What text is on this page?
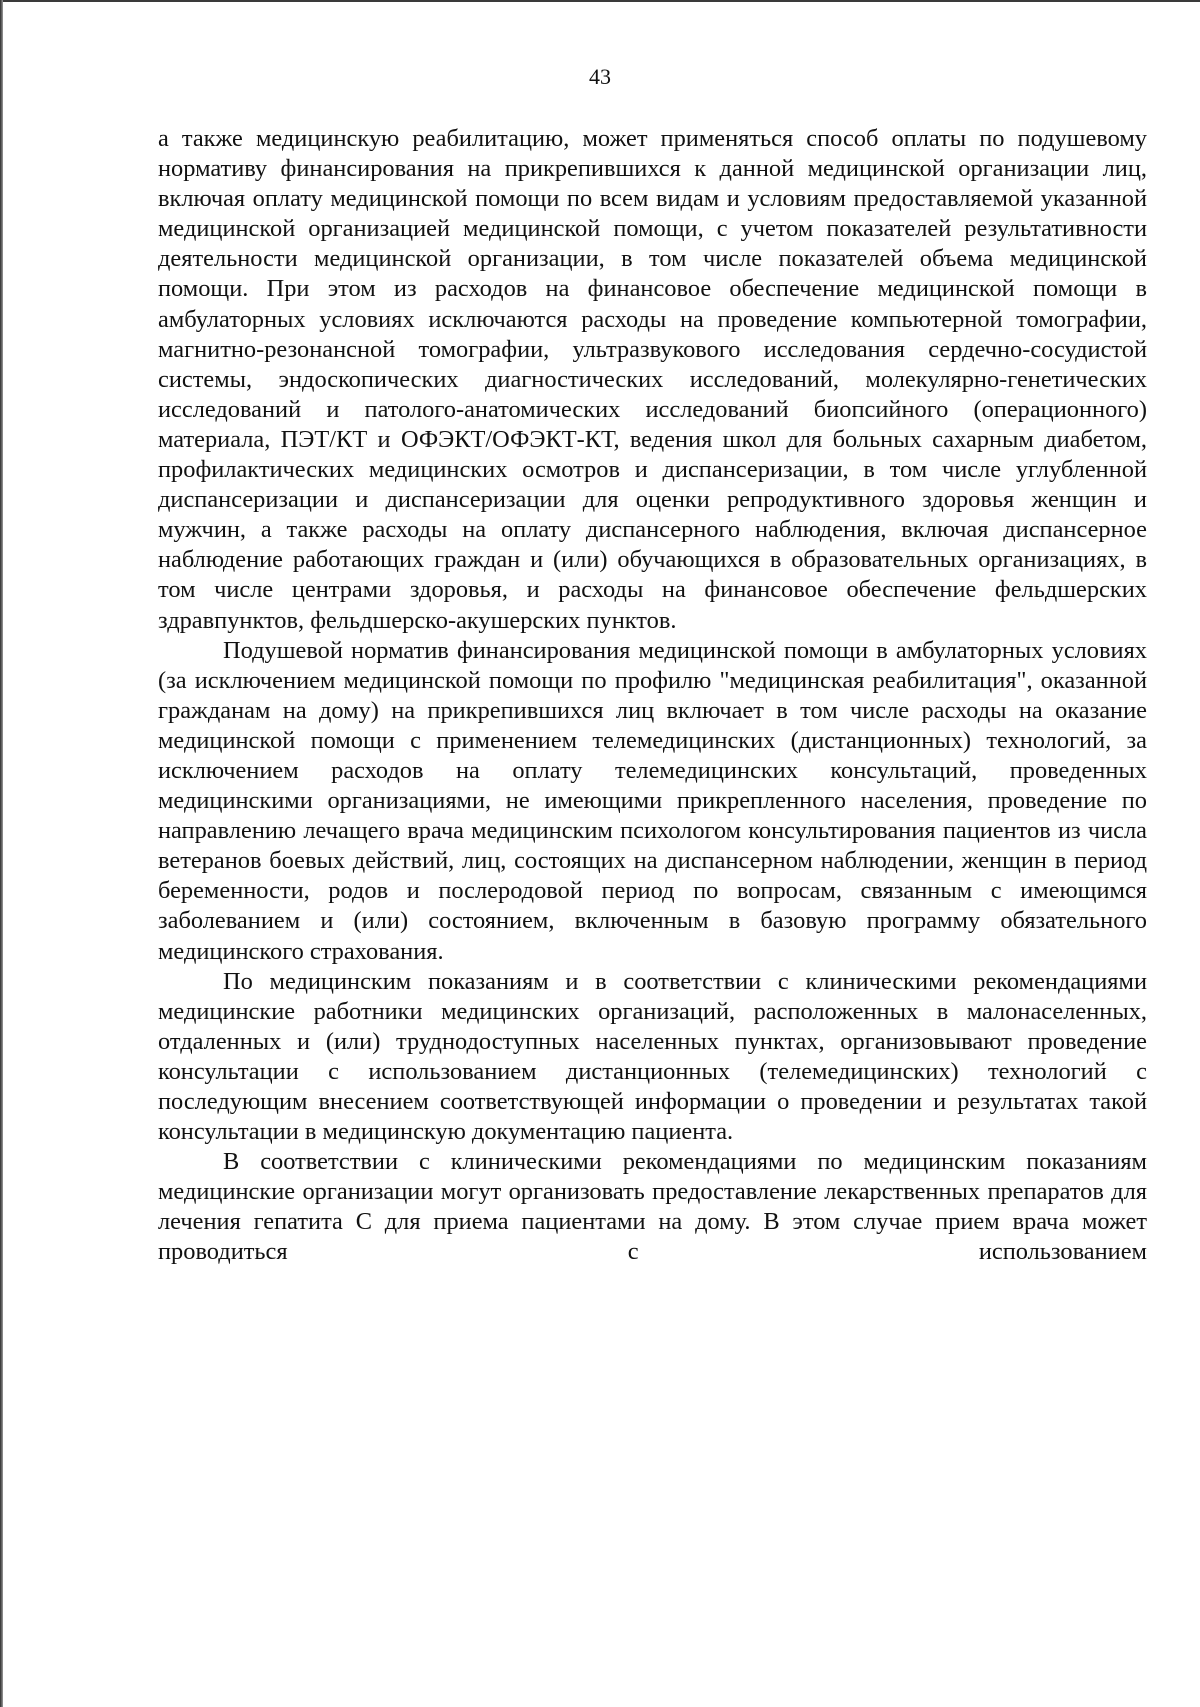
43

а также медицинскую реабилитацию, может применяться способ оплаты по подушевому нормативу финансирования на прикрепившихся к данной медицинской организации лиц, включая оплату медицинской помощи по всем видам и условиям предоставляемой указанной медицинской организацией медицинской помощи, с учетом показателей результативности деятельности медицинской организации, в том числе показателей объема медицинской помощи. При этом из расходов на финансовое обеспечение медицинской помощи в амбулаторных условиях исключаются расходы на проведение компьютерной томографии, магнитно-резонансной томографии, ультразвукового исследования сердечно-сосудистой системы, эндоскопических диагностических исследований, молекулярно-генетических исследований и патолого-анатомических исследований биопсийного (операционного) материала, ПЭТ/КТ и ОФЭКТ/ОФЭКТ-КТ, ведения школ для больных сахарным диабетом, профилактических медицинских осмотров и диспансеризации, в том числе углубленной диспансеризации и диспансеризации для оценки репродуктивного здоровья женщин и мужчин, а также расходы на оплату диспансерного наблюдения, включая диспансерное наблюдение работающих граждан и (или) обучающихся в образовательных организациях, в том числе центрами здоровья, и расходы на финансовое обеспечение фельдшерских здравпунктов, фельдшерско-акушерских пунктов.

Подушевой норматив финансирования медицинской помощи в амбулаторных условиях (за исключением медицинской помощи по профилю "медицинская реабилитация", оказанной гражданам на дому) на прикрепившихся лиц включает в том числе расходы на оказание медицинской помощи с применением телемедицинских (дистанционных) технологий, за исключением расходов на оплату телемедицинских консультаций, проведенных медицинскими организациями, не имеющими прикрепленного населения, проведение по направлению лечащего врача медицинским психологом консультирования пациентов из числа ветеранов боевых действий, лиц, состоящих на диспансерном наблюдении, женщин в период беременности, родов и послеродовой период по вопросам, связанным с имеющимся заболеванием и (или) состоянием, включенным в базовую программу обязательного медицинского страхования.

По медицинским показаниям и в соответствии с клиническими рекомендациями медицинские работники медицинских организаций, расположенных в малонаселенных, отдаленных и (или) труднодоступных населенных пунктах, организовывают проведение консультации с использованием дистанционных (телемедицинских) технологий с последующим внесением соответствующей информации о проведении и результатах такой консультации в медицинскую документацию пациента.

В соответствии с клиническими рекомендациями по медицинским показаниям медицинские организации могут организовать предоставление лекарственных препаратов для лечения гепатита С для приема пациентами на дому. В этом случае прием врача может проводиться с использованием
